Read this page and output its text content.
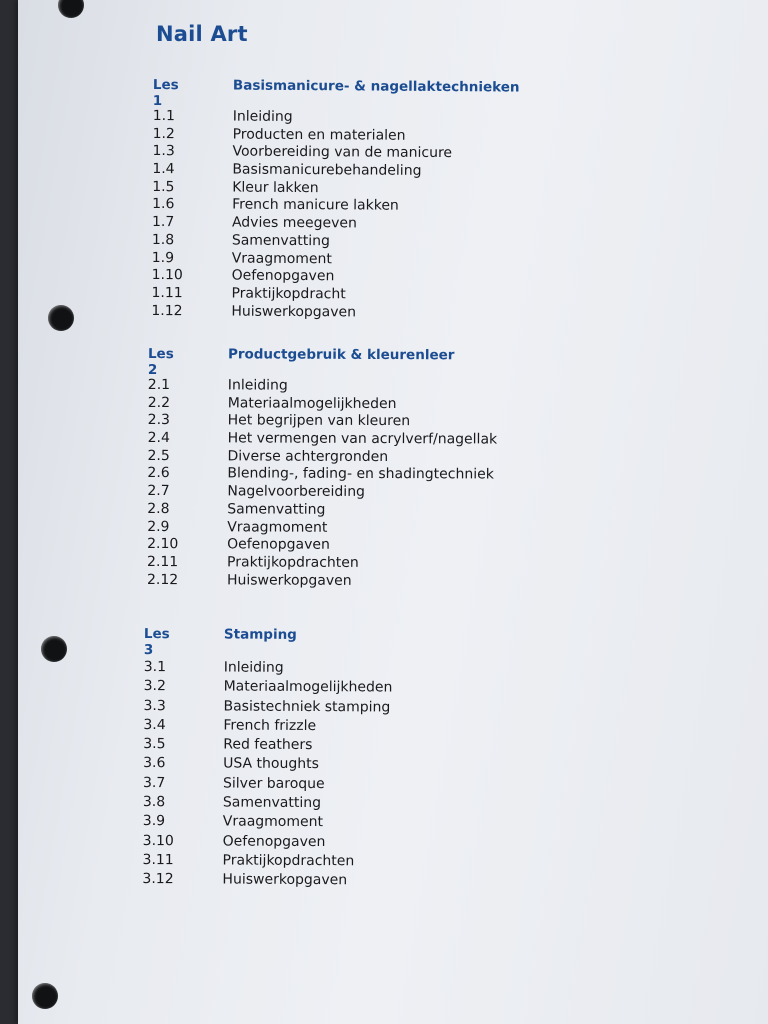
Nail Art
Les 1
Basismanicure- & nagellaktechnieken
1.1	Inleiding
1.2	Producten en materialen
1.3	Voorbereiding van de manicure
1.4	Basismanicurebehandeling
1.5	Kleur lakken
1.6	French manicure lakken
1.7	Advies meegeven
1.8	Samenvatting
1.9	Vraagmoment
1.10	Oefenopgaven
1.11	Praktijkopdracht
1.12	Huiswerkopgaven
Les 2
Productgebruik & kleurenleer
2.1	Inleiding
2.2	Materiaalmogelijkheden
2.3	Het begrijpen van kleuren
2.4	Het vermengen van acrylverf/nagellak
2.5	Diverse achtergronden
2.6	Blending-, fading- en shadingtechniek
2.7	Nagelvoorbereiding
2.8	Samenvatting
2.9	Vraagmoment
2.10	Oefenopgaven
2.11	Praktijkopdrachten
2.12	Huiswerkopgaven
Les 3
Stamping
3.1	Inleiding
3.2	Materiaalmogelijkheden
3.3	Basistechniek stamping
3.4	French frizzle
3.5	Red feathers
3.6	USA thoughts
3.7	Silver baroque
3.8	Samenvatting
3.9	Vraagmoment
3.10	Oefenopgaven
3.11	Praktijkopdrachten
3.12	Huiswerkopgaven
